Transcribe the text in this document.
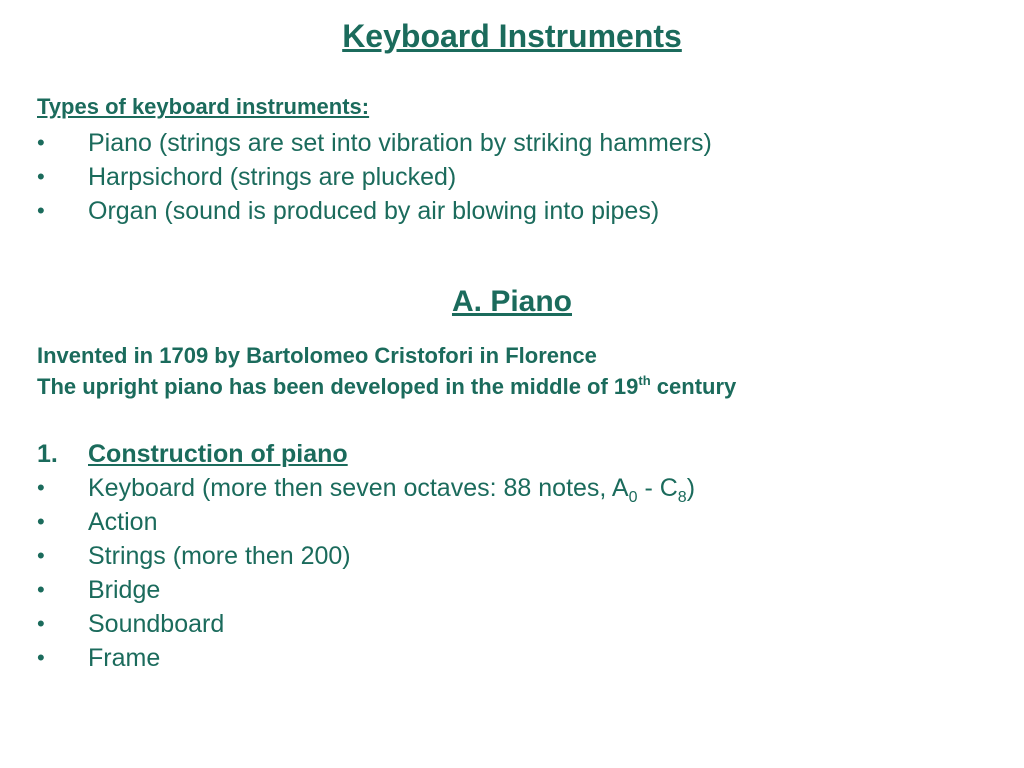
Keyboard Instruments
Types of keyboard instruments:
•	Piano (strings are set into vibration by striking hammers)
•	Harpsichord (strings are plucked)
•	Organ (sound is produced by air blowing into pipes)
A. Piano
Invented in 1709 by Bartolomeo Cristofori in Florence
The upright piano has been developed in the middle of 19th century
1. Construction of piano
•	Keyboard (more then seven octaves: 88 notes, $A_0 - C_8$)
•	Action
•	Strings (more then 200)
•	Bridge
•	Soundboard
•	Frame
